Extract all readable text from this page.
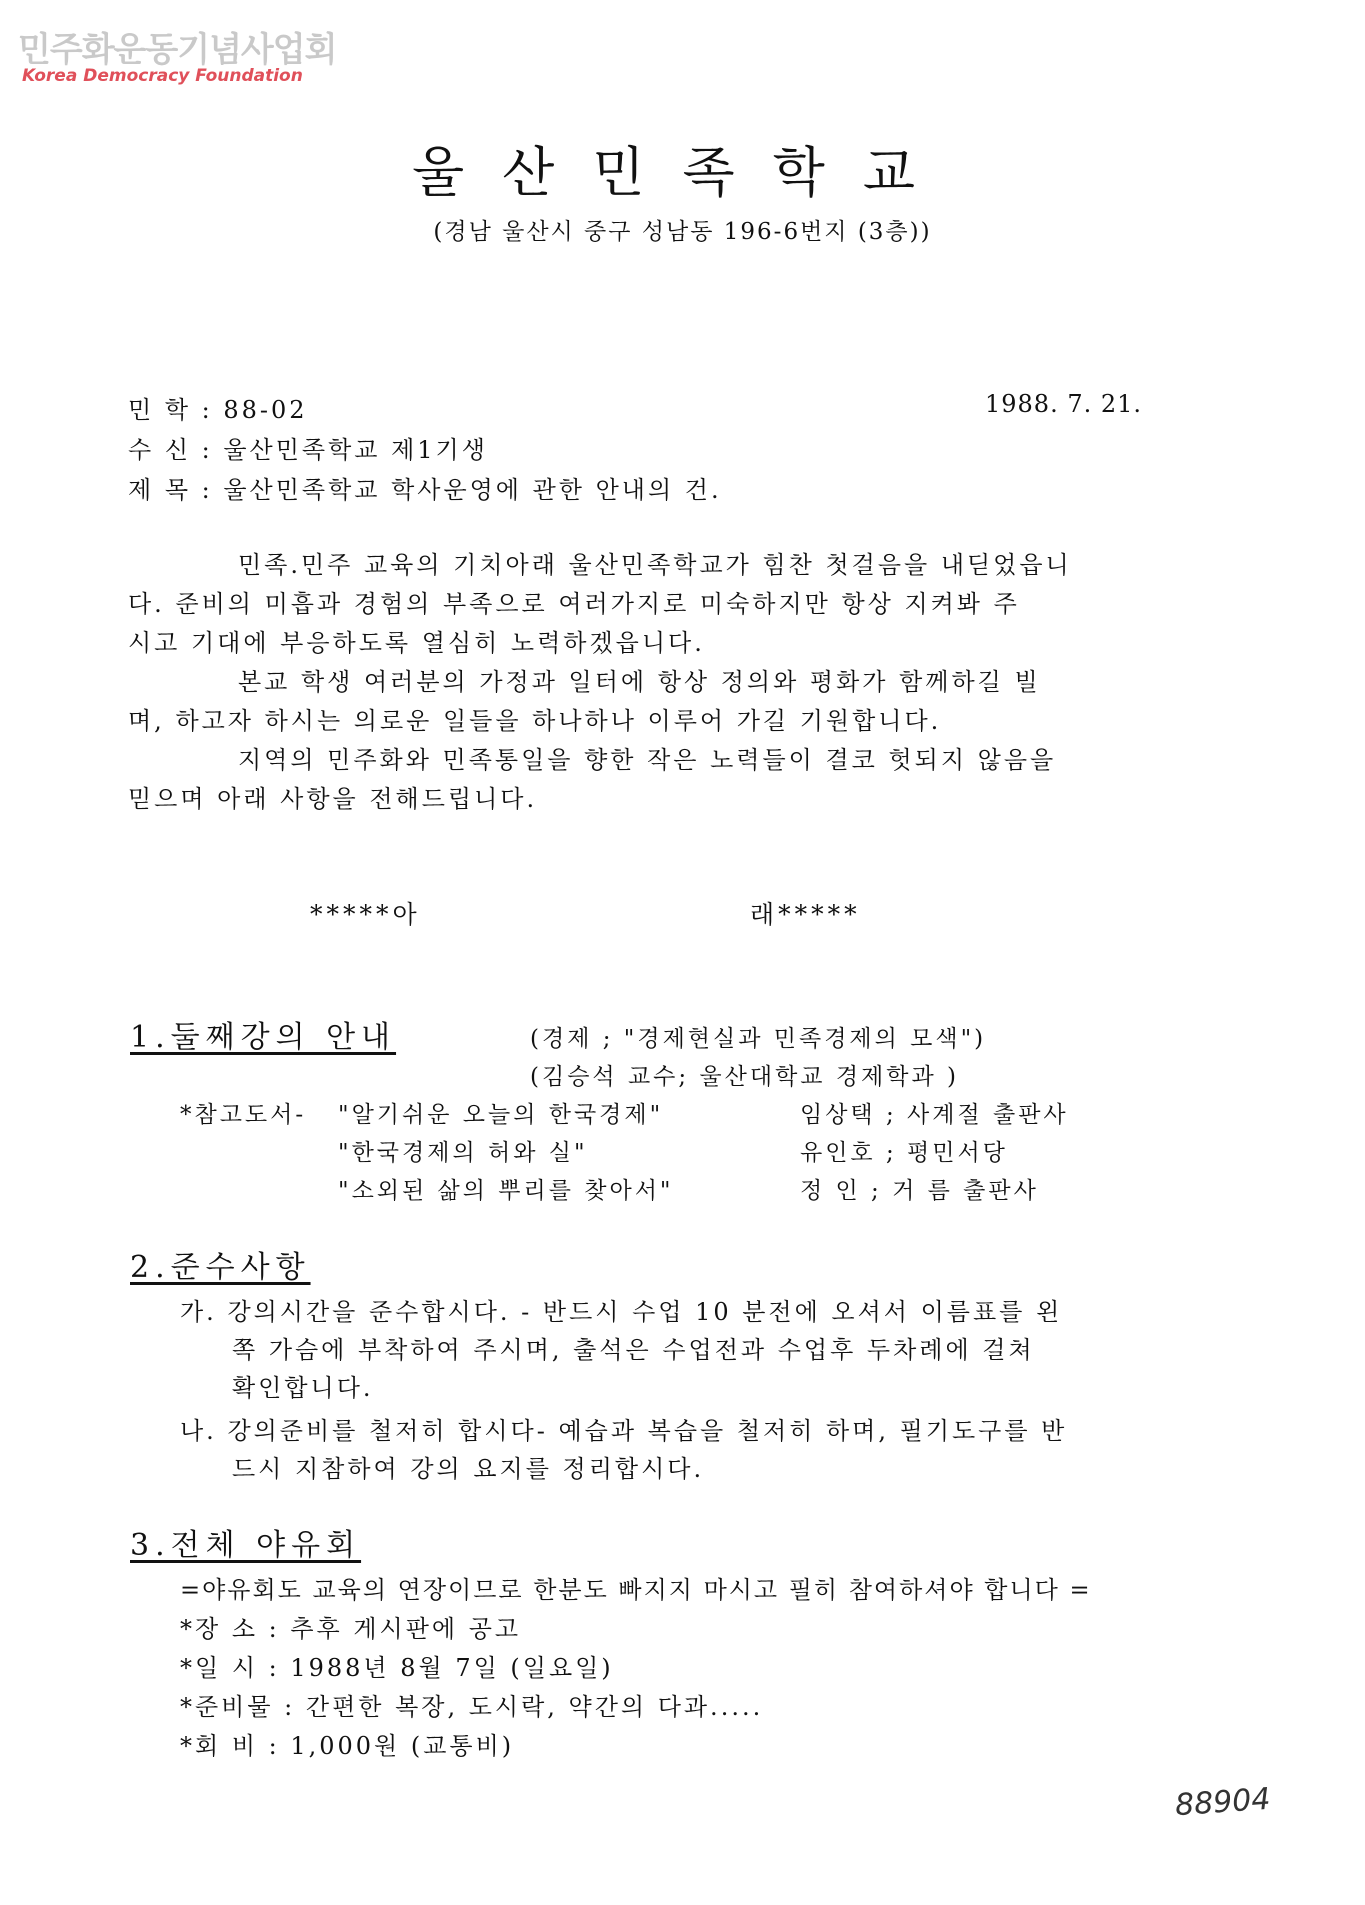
민주화운동기념사업회
Korea Democracy Foundation
울산민족학교
(경남 울산시 중구 성남동 196-6번지 (3층))
민 학 : 88-02	1988. 7. 21.
수 신 : 울산민족학교 제1기생
제 목 : 울산민족학교 학사운영에 관한 안내의 건.
민족.민주 교육의 기치아래 울산민족학교가 힘찬 첫걸음을 내딛었읍니
다. 준비의 미흡과 경험의 부족으로 여러가지로 미숙하지만 항상 지켜봐 주
시고 기대에 부응하도록 열심히 노력하겠읍니다.
본교 학생 여러분의 가정과 일터에 항상 정의와 평화가 함께하길 빌
며, 하고자 하시는 의로운 일들을 하나하나 이루어 가길 기원합니다.
지역의 민주화와 민족통일을 향한 작은 노력들이 결코 헛되지 않음을
믿으며 아래 사항을 전해드립니다.
*****아	래*****
1.둘째강의 안내	(경제 ; "경제현실과 민족경제의 모색")
(김승석 교수; 울산대학교 경제학과 )
*참고도서- "알기쉬운 오늘의 한국경제"	임상택 ; 사계절 출판사
"한국경제의 허와 실"	유인호 ; 평민서당
"소외된 삶의 뿌리를 찾아서"	정 인 ; 거 름 출판사
2.준수사항
가. 강의시간을 준수합시다. - 반드시 수업 10 분전에 오셔서 이름표를 왼
쪽 가슴에 부착하여 주시며, 출석은 수업전과 수업후 두차례에 걸쳐
확인합니다.
나. 강의준비를 철저히 합시다- 예습과 복습을 철저히 하며, 필기도구를 반
드시 지참하여 강의 요지를 정리합시다.
3.전체 야유회
=야유회도 교육의 연장이므로 한분도 빠지지 마시고 필히 참여하셔야 합니다 =
*장 소 : 추후 게시판에 공고
*일 시 : 1988년 8월 7일 (일요일)
*준비물 : 간편한 복장, 도시락, 약간의 다과.....
*회 비 : 1,000원 (교통비)
88904
